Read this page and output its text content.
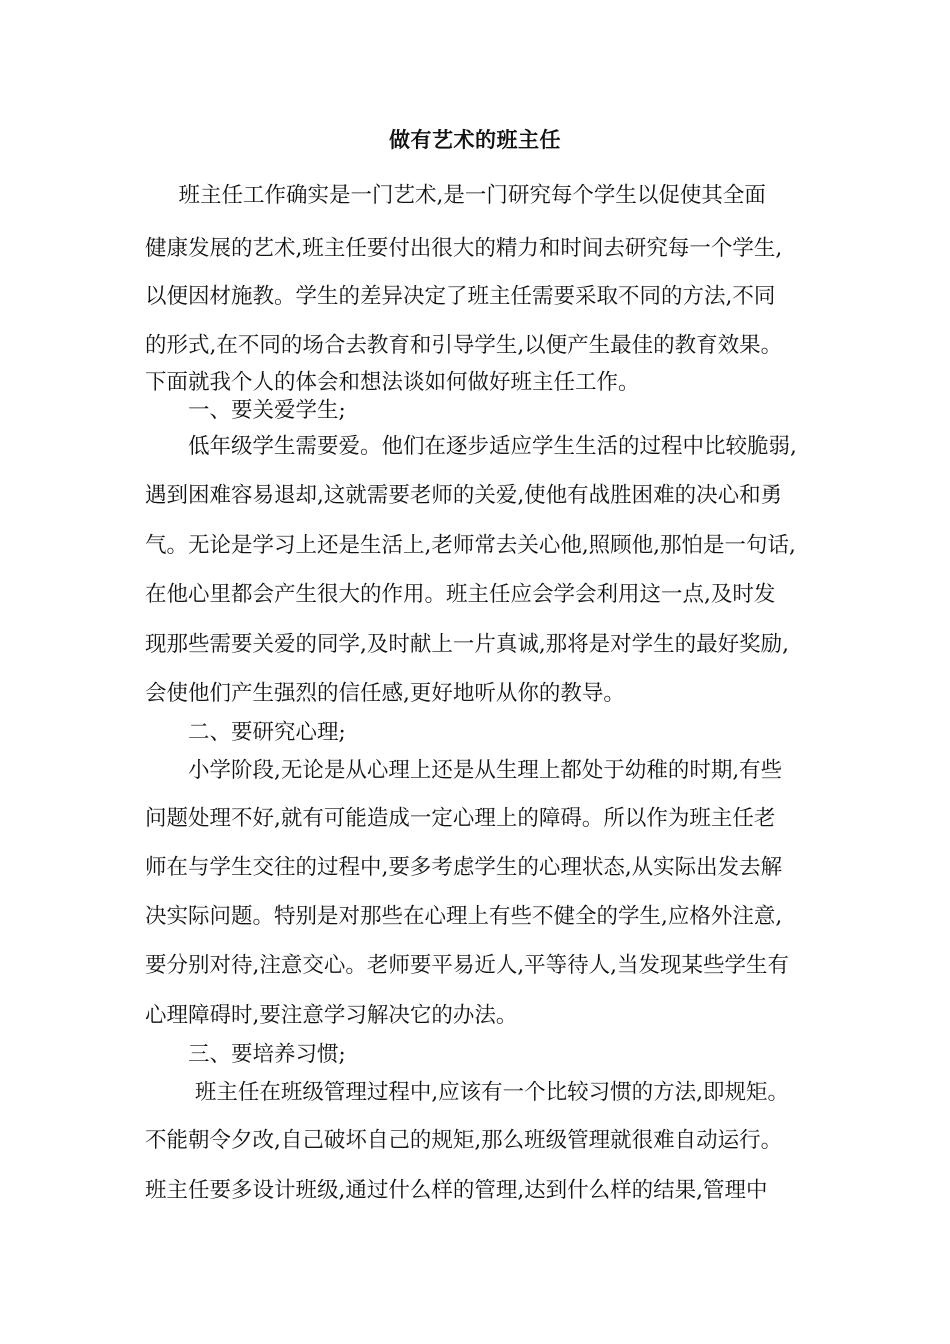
做有艺术的班主任
　班主任工作确实是一门艺术,是一门研究每个学生以促使其全面
健康发展的艺术,班主任要付出很大的精力和时间去研究每一个学生,
以便因材施教。学生的差异决定了班主任需要采取不同的方法,不同
的形式,在不同的场合去教育和引导学生,以便产生最佳的教育效果。
下面就我个人的体会和想法谈如何做好班主任工作。
　　一、要关爱学生;
　　低年级学生需要爱。他们在逐步适应学生生活的过程中比较脆弱,
遇到困难容易退却,这就需要老师的关爱,使他有战胜困难的决心和勇
气。无论是学习上还是生活上,老师常去关心他,照顾他,那怕是一句话,
在他心里都会产生很大的作用。班主任应会学会利用这一点,及时发
现那些需要关爱的同学,及时献上一片真诚,那将是对学生的最好奖励,
会使他们产生强烈的信任感,更好地听从你的教导。
　　二、要研究心理;
　　小学阶段,无论是从心理上还是从生理上都处于幼稚的时期,有些
问题处理不好,就有可能造成一定心理上的障碍。所以作为班主任老
师在与学生交往的过程中,要多考虑学生的心理状态,从实际出发去解
决实际问题。特别是对那些在心理上有些不健全的学生,应格外注意,
要分别对待,注意交心。老师要平易近人,平等待人,当发现某些学生有
心理障碍时,要注意学习解决它的办法。
　　三、要培养习惯;
　　 班主任在班级管理过程中,应该有一个比较习惯的方法,即规矩。
不能朝令夕改,自己破坏自己的规矩,那么班级管理就很难自动运行。
班主任要多设计班级,通过什么样的管理,达到什么样的结果,管理中
